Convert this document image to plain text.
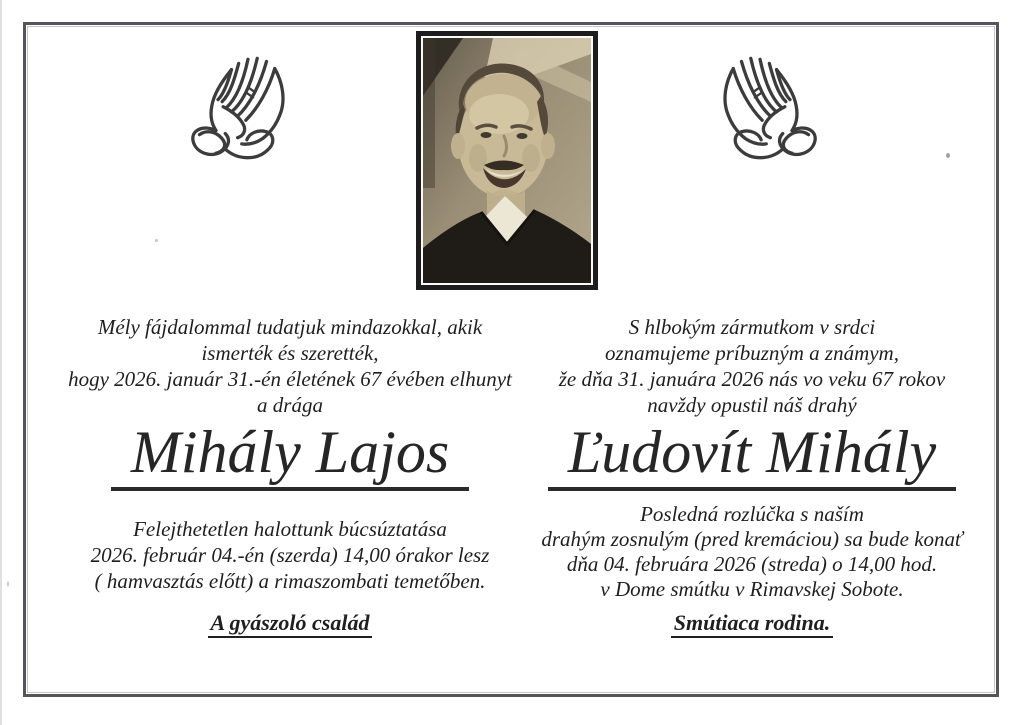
Mély fájdalommal tudatjuk mindazokkal, akik
ismerték és szerették,
hogy 2026. január 31.-én életének 67 évében elhunyt
a drága
Mihály Lajos
Felejthetetlen halottunk búcsúztatása
2026. február 04.-én (szerda) 14,00 órakor lesz
( hamvasztás előtt) a rimaszombati temetőben.
A gyászoló család
S hlbokým zármutkom v srdci
oznamujeme príbuzným a známym,
že dňa 31. januára 2026 nás vo veku 67 rokov
navždy opustil náš drahý
Ľudovít Mihály
Posledná rozlúčka s naším
drahým zosnulým (pred kremáciou) sa bude konať
dňa 04. februára 2026 (streda) o 14,00 hod.
v Dome smútku v Rimavskej Sobote.
Smútiaca rodina.
